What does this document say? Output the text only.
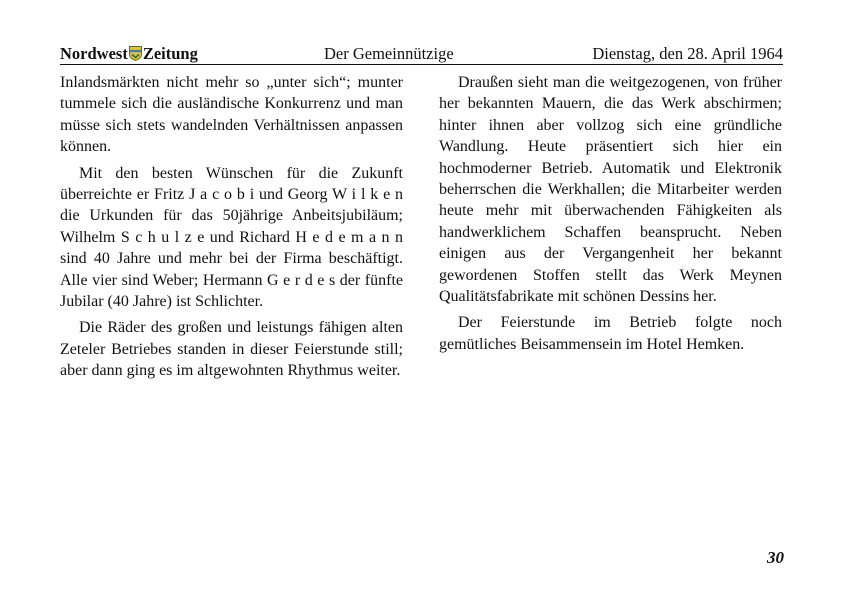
Nordwest Zeitung	Der Gemeinnützige	Dienstag, den 28. April 1964

Inlandsmärkten nicht mehr so „unter sich“; munter tummele sich die ausländische Konkurrenz und man müsse sich stets wandelnden Verhältnissen anpassen können.

Mit den besten Wünschen für die Zukunft überreichte er Fritz J a c o b i und Georg W i l k e n die Urkunden für das 50jährige Anbeitsjubiläum; Wilhelm S c h u l z e und Richard H e d e m a n n sind 40 Jahre und mehr bei der Firma beschäftigt. Alle vier sind Weber; Hermann G e r d e s der fünfte Jubilar (40 Jahre) ist Schlichter.

Die Räder des großen und leistungs fähigen alten Zeteler Betriebes standen in dieser Feierstunde still; aber dann ging es im altgewohnten Rhythmus weiter.

Draußen sieht man die weitgezogenen, von früher her bekannten Mauern, die das Werk abschirmen; hinter ihnen aber vollzog sich eine gründliche Wandlung. Heute präsentiert sich hier ein hochmoderner Betrieb. Automatik und Elektronik beherrschen die Werkhallen; die Mitarbeiter werden heute mehr mit überwachenden Fähigkeiten als handwerklichem Schaffen beansprucht. Neben einigen aus der Vergangenheit her bekannt gewordenen Stoffen stellt das Werk Meynen Qualitätsfabrikate mit schönen Dessins her.

Der Feierstunde im Betrieb folgte noch gemütliches Beisammensein im Hotel Hemken.

30
